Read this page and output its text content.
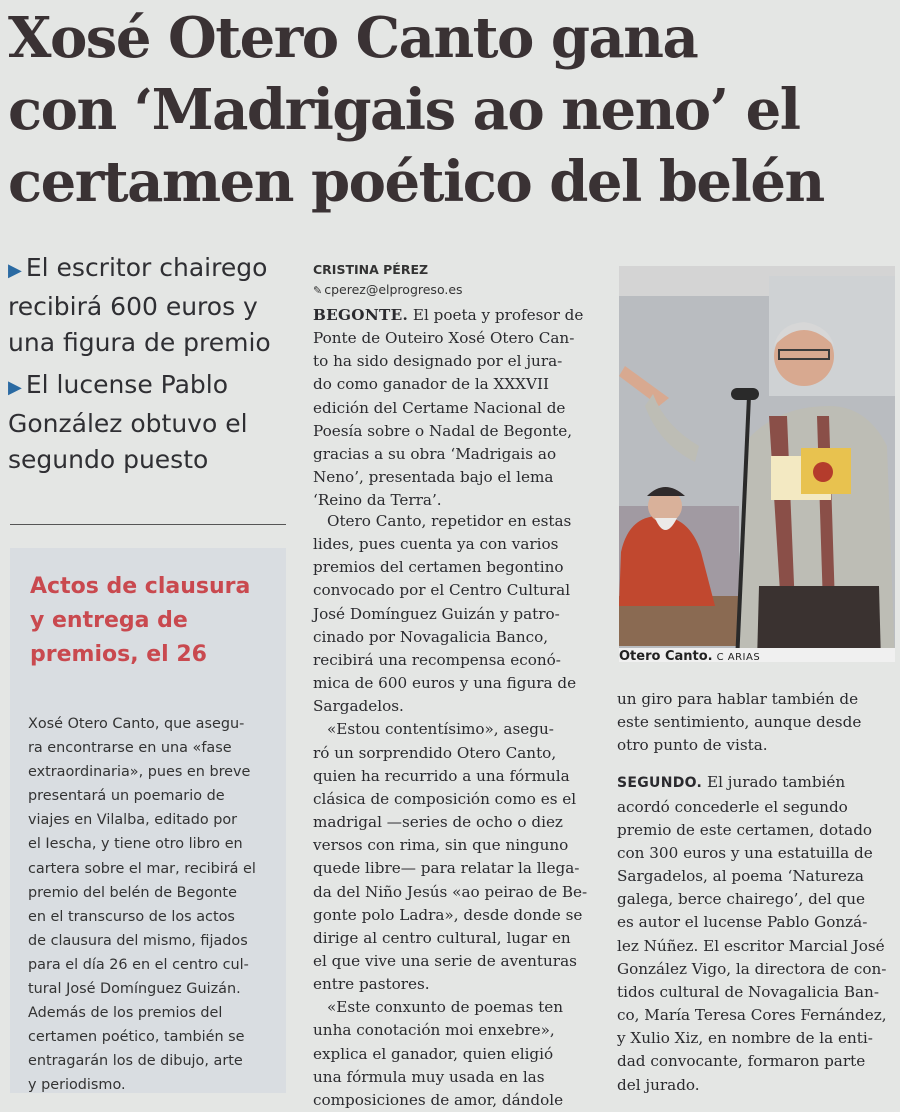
Xosé Otero Canto gana
con ‘Madrigais ao neno’ el
certamen poético del belén
▶ El escritor chairego
recibirá 600 euros y
una figura de premio
▶ El lucense Pablo
González obtuvo el
segundo puesto
Actos de clausura
y entrega de
premios, el 26
Xosé Otero Canto, que asegu-
ra encontrarse en una «fase
extraordinaria», pues en breve
presentará un poemario de
viajes en Vilalba, editado por
el Iescha, y tiene otro libro en
cartera sobre el mar, recibirá el
premio del belén de Begonte
en el transcurso de los actos
de clausura del mismo, fijados
para el día 26 en el centro cul-
tural José Domínguez Guizán.
Además de los premios del
certamen poético, también se
entragarán los de dibujo, arte
y periodismo.
CRISTINA PÉREZ
✎ cperez@elprogreso.es
BEGONTE. El poeta y profesor de
Ponte de Outeiro Xosé Otero Can-
to ha sido designado por el jura-
do como ganador de la XXXVII
edición del Certame Nacional de
Poesía sobre o Nadal de Begonte,
gracias a su obra ‘Madrigais ao
Neno’, presentada bajo el lema
‘Reino da Terra’.
Otero Canto, repetidor en estas
lides, pues cuenta ya con varios
premios del certamen begontino
convocado por el Centro Cultural
José Domínguez Guizán y patro-
cinado por Novagalicia Banco,
recibirá una recompensa econó-
mica de 600 euros y una figura de
Sargadelos.
«Estou contentísimo», asegu-
ró un sorprendido Otero Canto,
quien ha recurrido a una fórmula
clásica de composición como es el
madrigal —series de ocho o diez
versos con rima, sin que ninguno
quede libre— para relatar la llega-
da del Niño Jesús «ao peirao de Be-
gonte polo Ladra», desde donde se
dirige al centro cultural, lugar en
el que vive una serie de aventuras
entre pastores.
«Este conxunto de poemas ten
unha conotación moi enxebre»,
explica el ganador, quien eligió
una fórmula muy usada en las
composiciones de amor, dándole
Otero Canto. C ARIAS
un giro para hablar también de
este sentimiento, aunque desde
otro punto de vista.
SEGUNDO. El jurado también
acordó concederle el segundo
premio de este certamen, dotado
con 300 euros y una estatuilla de
Sargadelos, al poema ‘Natureza
galega, berce chairego’, del que
es autor el lucense Pablo Gonzá-
lez Núñez. El escritor Marcial José
González Vigo, la directora de con-
tidos cultural de Novagalicia Ban-
co, María Teresa Cores Fernández,
y Xulio Xiz, en nombre de la enti-
dad convocante, formaron parte
del jurado.
